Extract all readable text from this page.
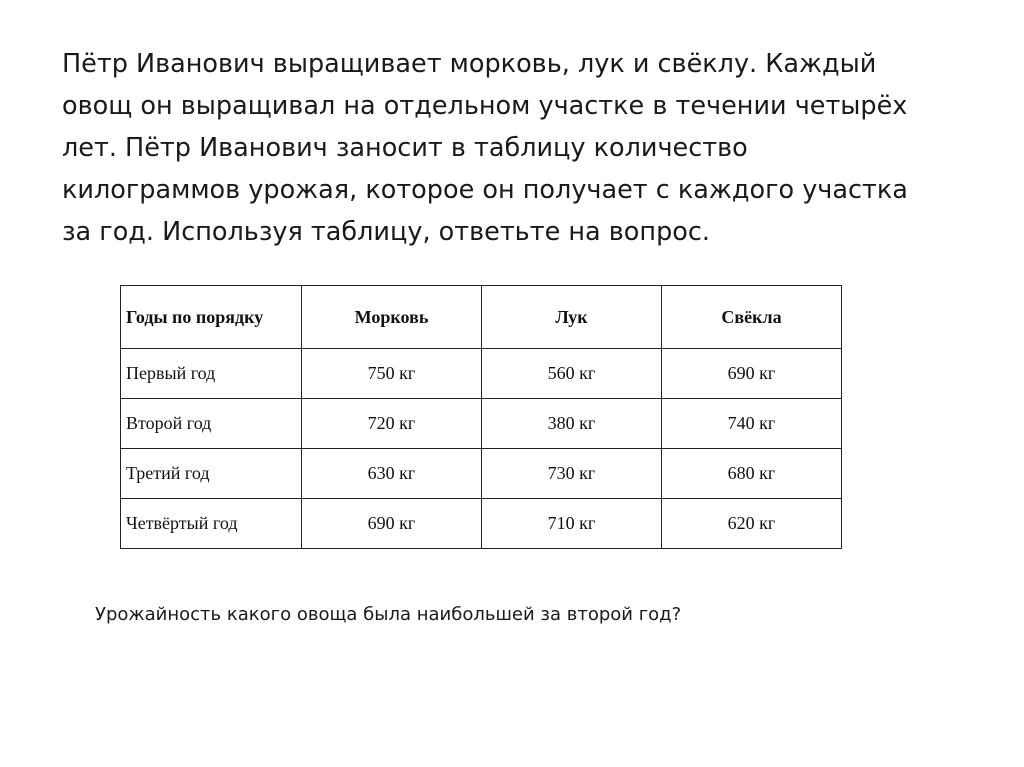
Пётр Иванович выращивает морковь, лук и свёклу. Каждый
овощ он выращивал на отдельном участке в течении четырёх
лет. Пётр Иванович заносит в таблицу количество
килограммов урожая, которое он получает с каждого участка
за год. Используя таблицу, ответьте на вопрос.
Годы по порядку	Морковь	Лук	Свёкла
Первый год	750 кг	560 кг	690 кг
Второй год	720 кг	380 кг	740 кг
Третий год	630 кг	730 кг	680 кг
Четвёртый год	690 кг	710 кг	620 кг
Урожайность какого овоща была наибольшей за второй год?
